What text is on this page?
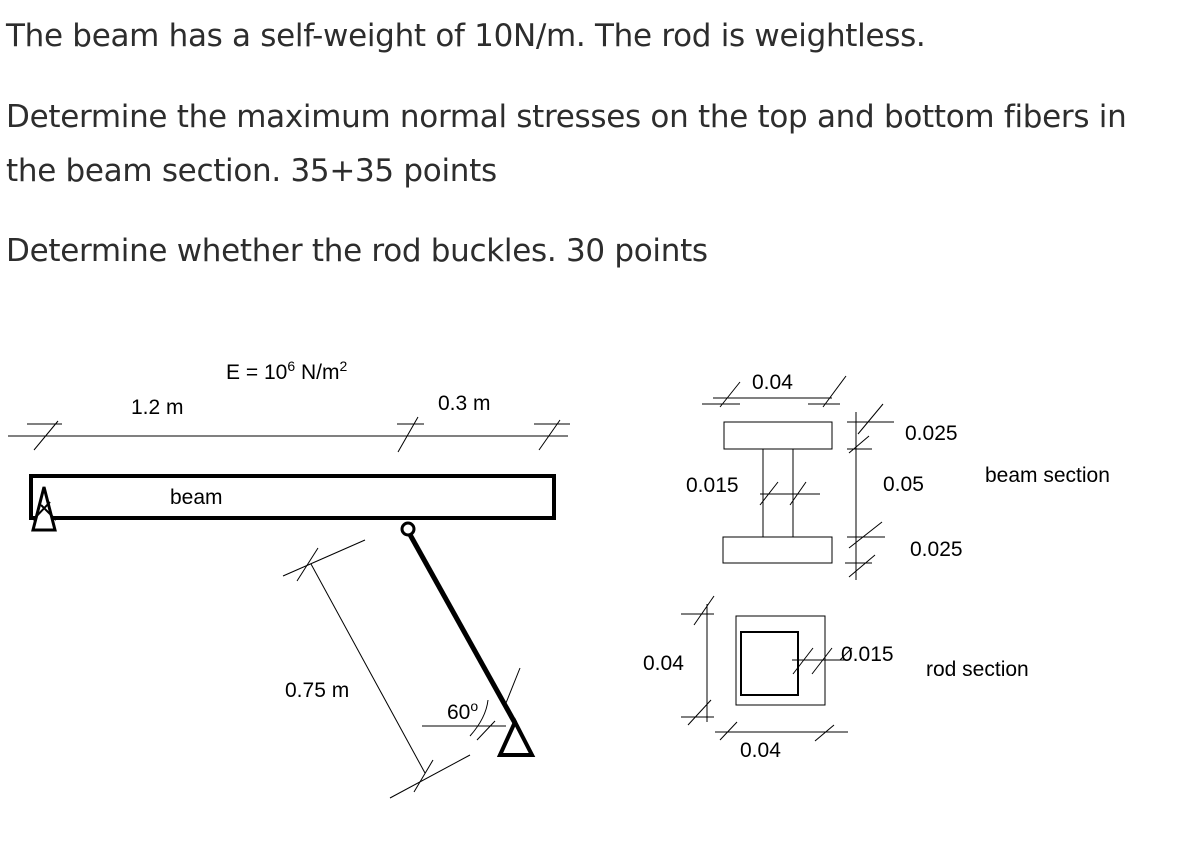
The beam has a self-weight of 10N/m. The rod is weightless.

Determine the maximum normal stresses on the top and bottom fibers in
the beam section. 35+35 points

Determine whether the rod buckles. 30 points

$E = 10^6$ $N/m^2$
1.2 m	0.3 m
beam
0.75 m
60$^o$
0.04
0.015
0.025
0.05
0.025
beam section
0.04	0.015
0.04
rod section
